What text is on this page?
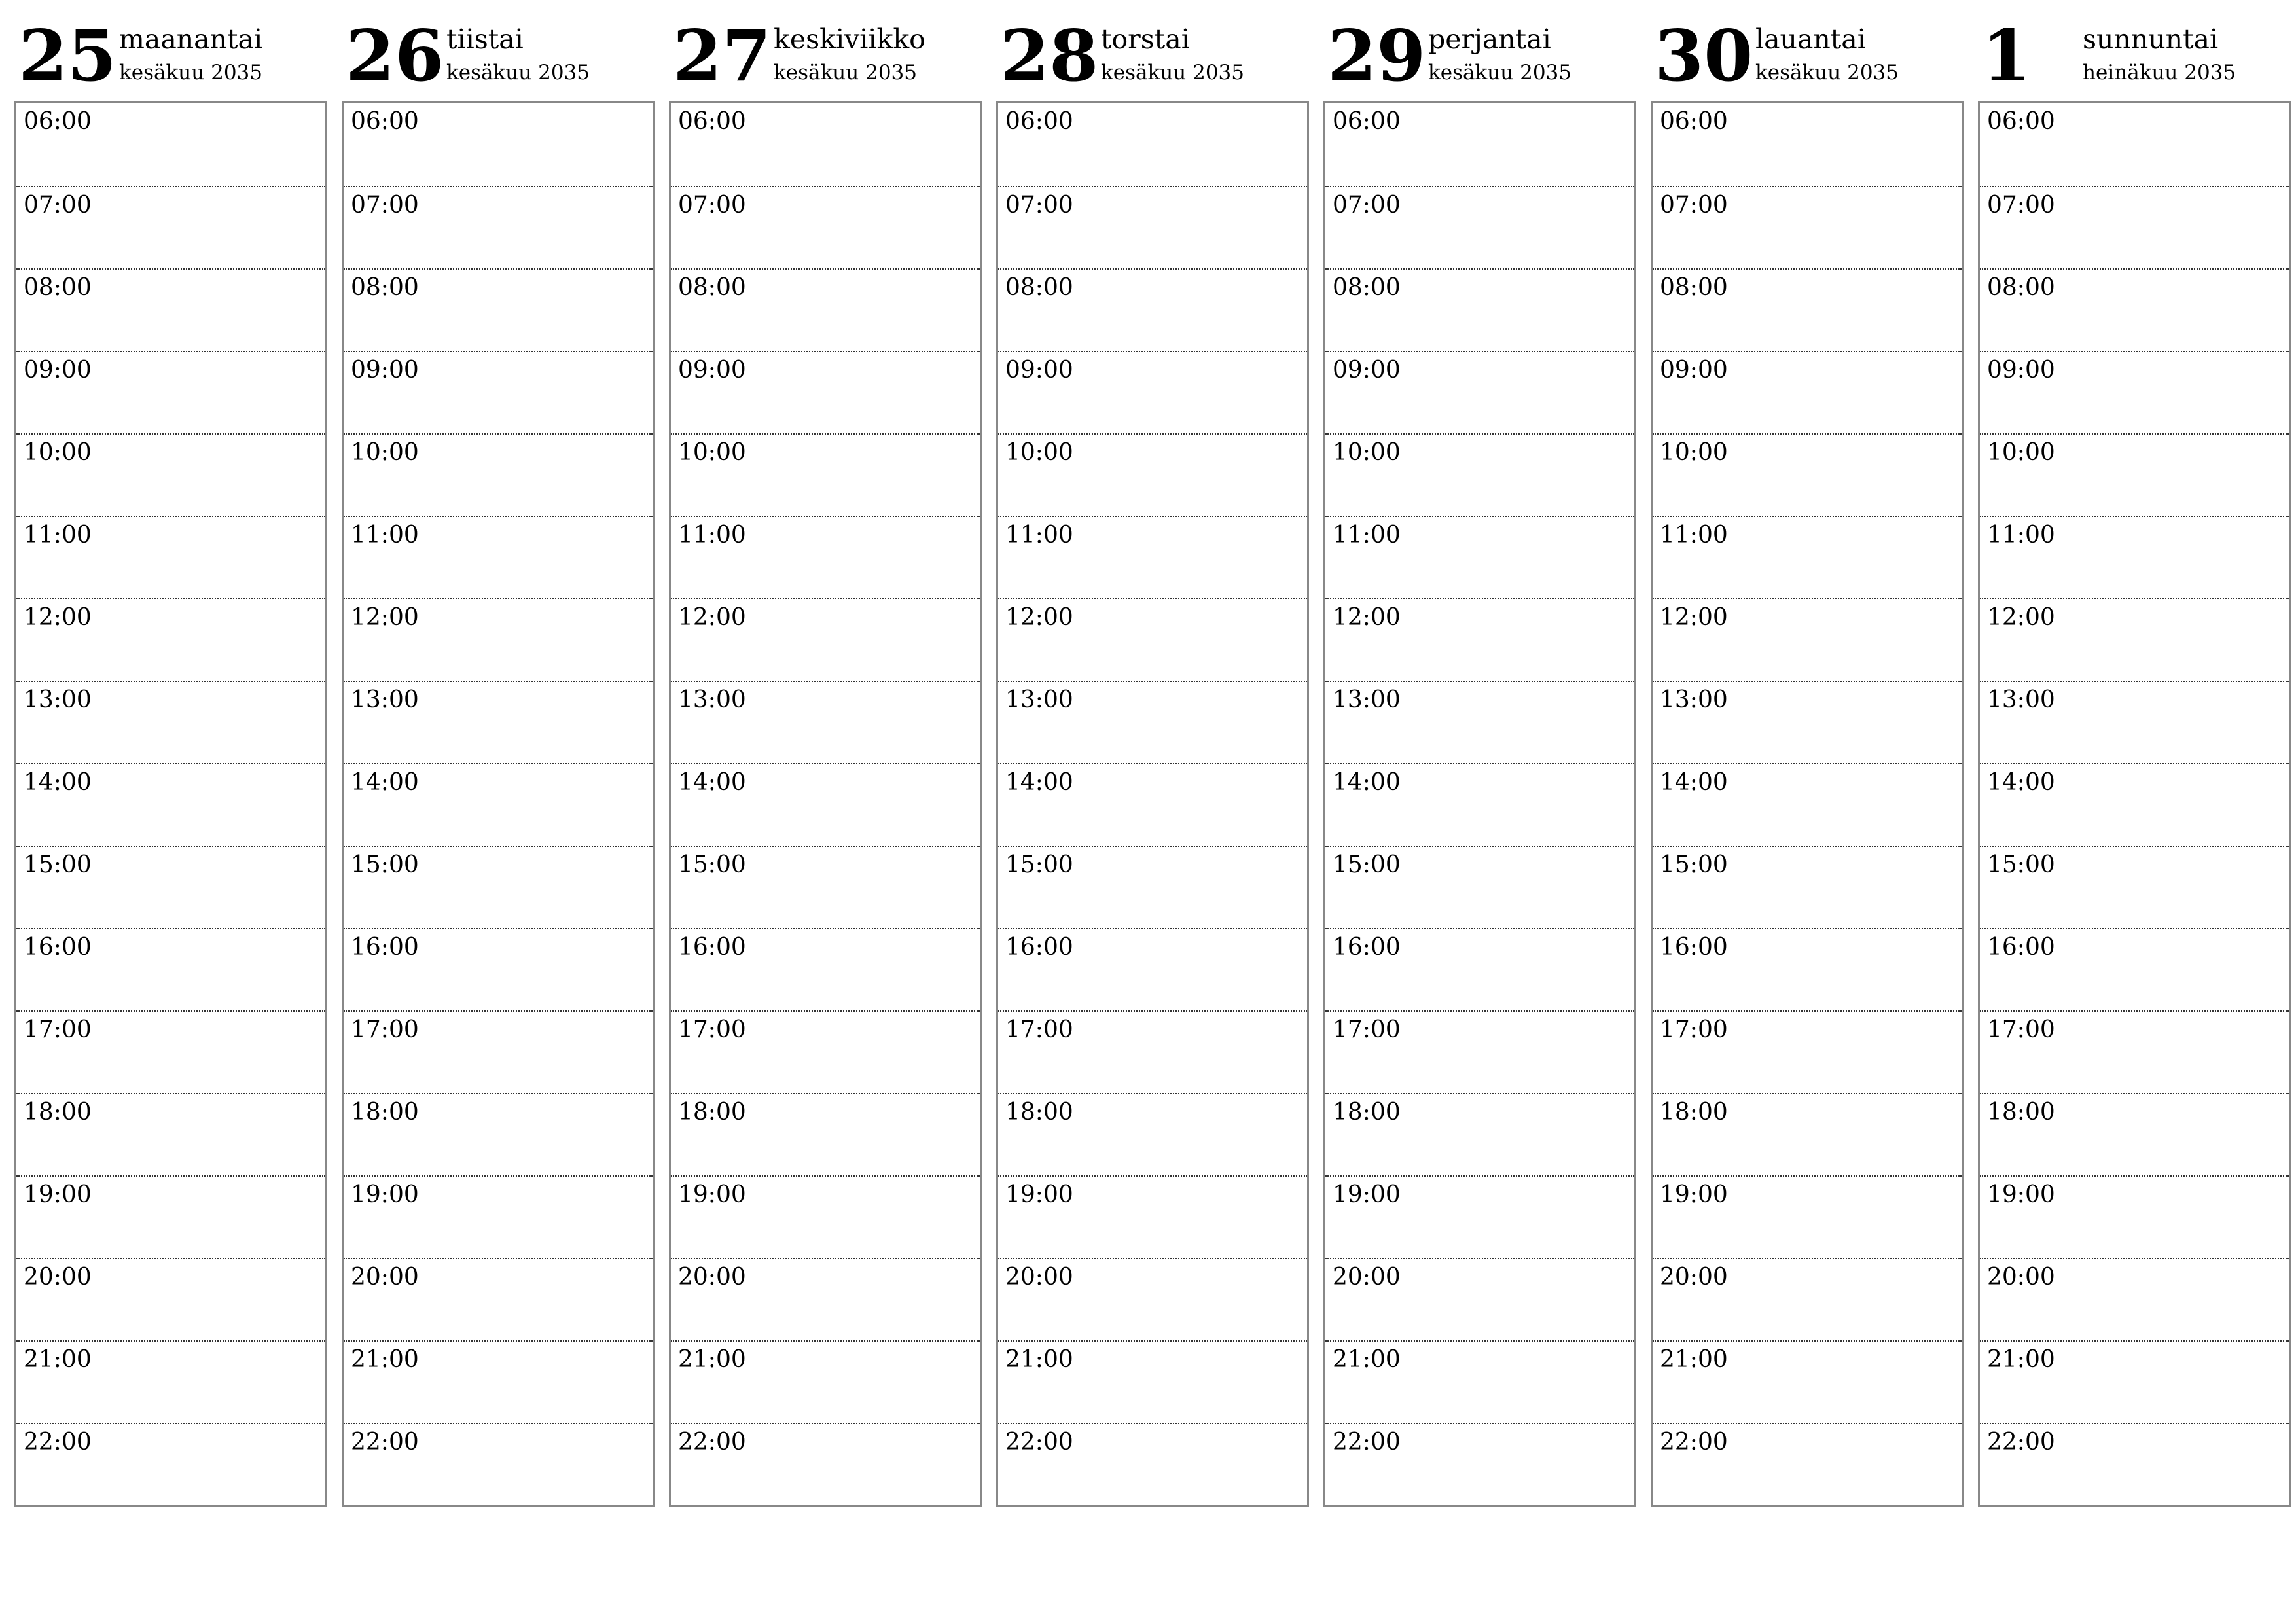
25 maanantai
kesäkuu 2035
06:00
07:00
08:00
09:00
10:00
11:00
12:00
13:00
14:00
15:00
16:00
17:00
18:00
19:00
20:00
21:00
22:00
26 tiistai
kesäkuu 2035
06:00
07:00
08:00
09:00
10:00
11:00
12:00
13:00
14:00
15:00
16:00
17:00
18:00
19:00
20:00
21:00
22:00
27 keskiviikko
kesäkuu 2035
06:00
07:00
08:00
09:00
10:00
11:00
12:00
13:00
14:00
15:00
16:00
17:00
18:00
19:00
20:00
21:00
22:00
28 torstai
kesäkuu 2035
06:00
07:00
08:00
09:00
10:00
11:00
12:00
13:00
14:00
15:00
16:00
17:00
18:00
19:00
20:00
21:00
22:00
29 perjantai
kesäkuu 2035
06:00
07:00
08:00
09:00
10:00
11:00
12:00
13:00
14:00
15:00
16:00
17:00
18:00
19:00
20:00
21:00
22:00
30 lauantai
kesäkuu 2035
06:00
07:00
08:00
09:00
10:00
11:00
12:00
13:00
14:00
15:00
16:00
17:00
18:00
19:00
20:00
21:00
22:00
1 sunnuntai
heinäkuu 2035
06:00
07:00
08:00
09:00
10:00
11:00
12:00
13:00
14:00
15:00
16:00
17:00
18:00
19:00
20:00
21:00
22:00
